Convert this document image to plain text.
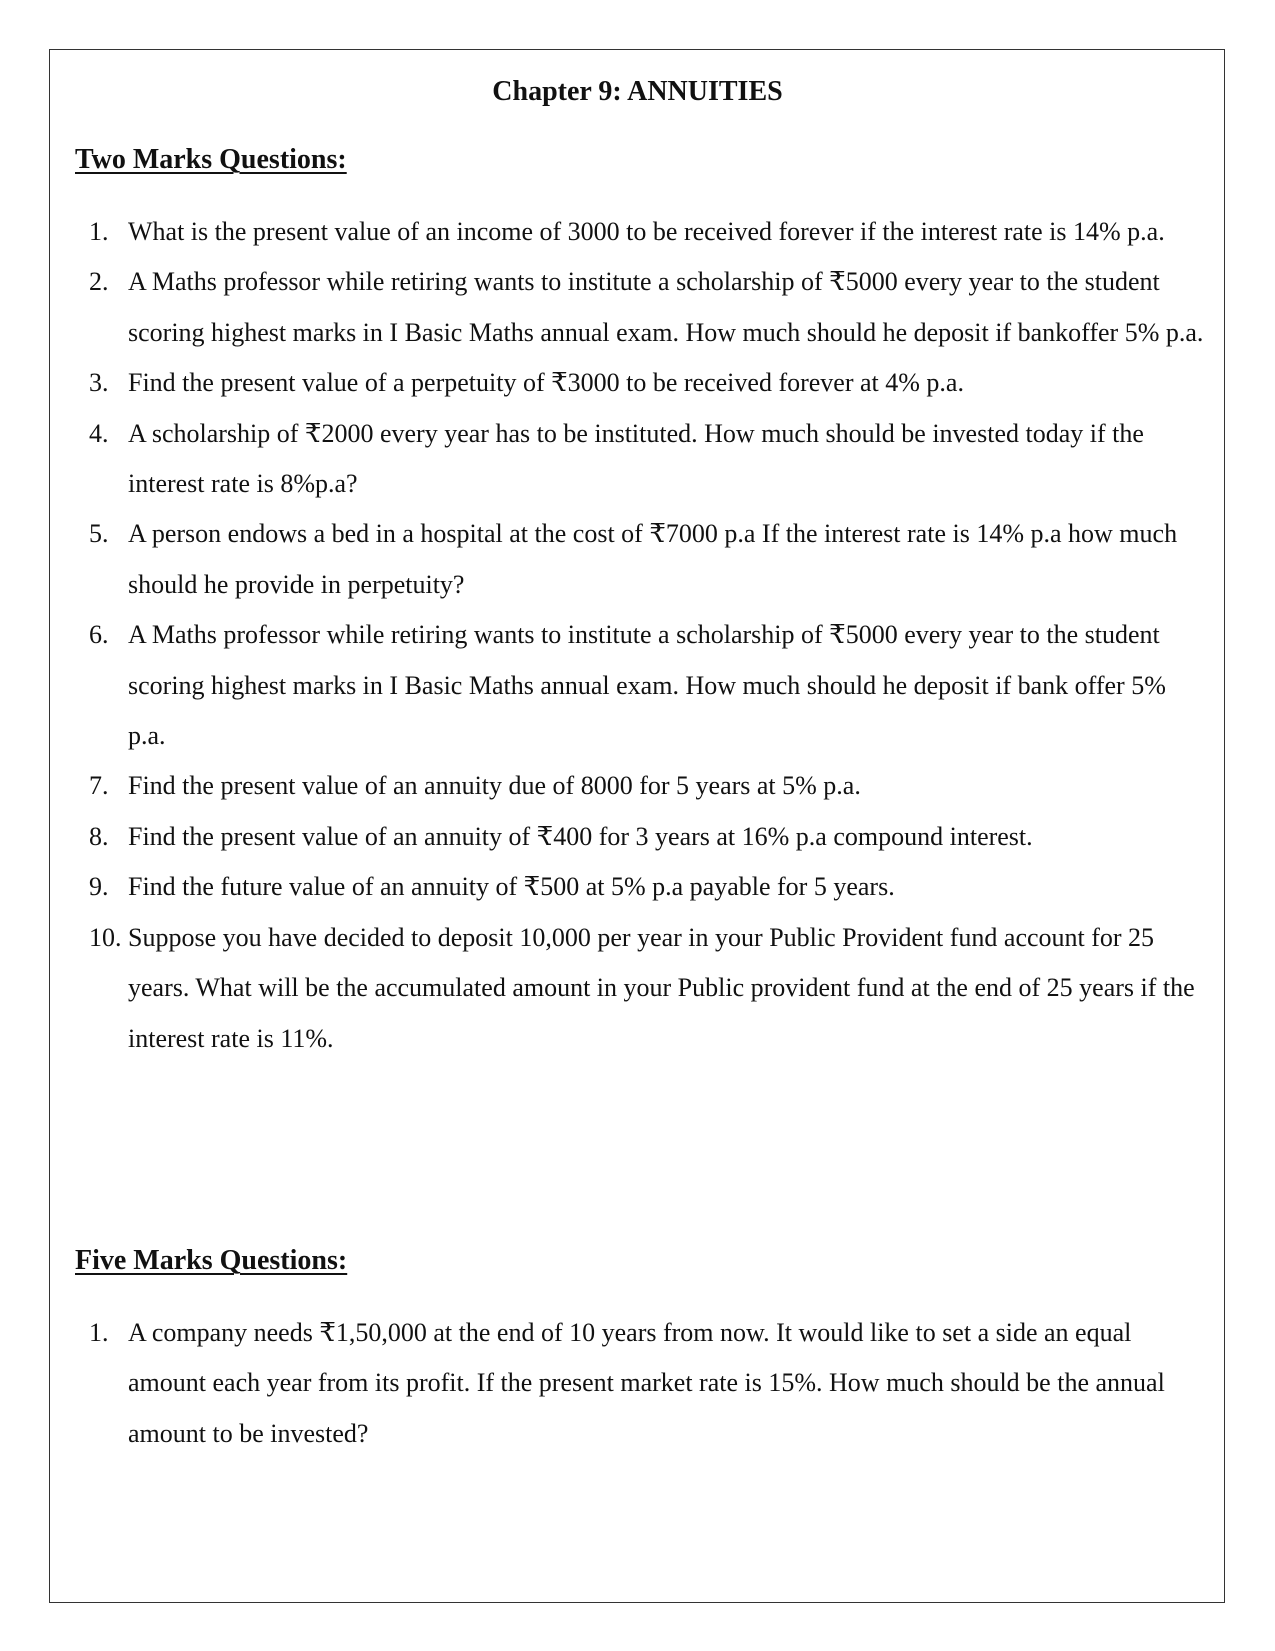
Chapter 9: ANNUITIES
Two Marks Questions:
1. What is the present value of an income of 3000 to be received forever if the interest rate is 14% p.a.
2. A Maths professor while retiring wants to institute a scholarship of ₹5000 every year to the student scoring highest marks in I Basic Maths annual exam. How much should he deposit if bankoffer 5% p.a.
3. Find the present value of a perpetuity of ₹3000 to be received forever at 4% p.a.
4. A scholarship of ₹2000 every year has to be instituted. How much should be invested today if the interest rate is 8%p.a?
5. A person endows a bed in a hospital at the cost of ₹7000 p.a If the interest rate is 14% p.a how much should he provide in perpetuity?
6. A Maths professor while retiring wants to institute a scholarship of ₹5000 every year to the student scoring highest marks in I Basic Maths annual exam. How much should he deposit if bank offer 5% p.a.
7. Find the present value of an annuity due of 8000 for 5 years at 5% p.a.
8. Find the present value of an annuity of ₹400 for 3 years at 16% p.a compound interest.
9. Find the future value of an annuity of ₹500 at 5% p.a payable for 5 years.
10. Suppose you have decided to deposit 10,000 per year in your Public Provident fund account for 25 years. What will be the accumulated amount in your Public provident fund at the end of 25 years if the interest rate is 11%.
Five Marks Questions:
1. A company needs ₹1,50,000 at the end of 10 years from now. It would like to set a side an equal amount each year from its profit. If the present market rate is 15%. How much should be the annual amount to be invested?
